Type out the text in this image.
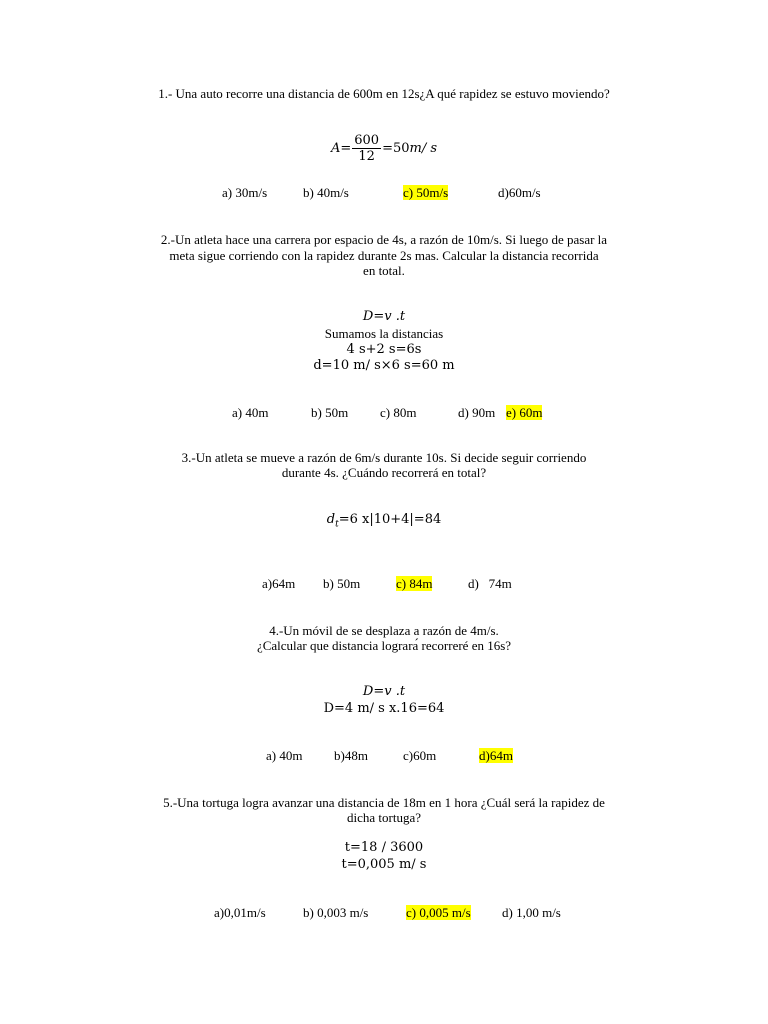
1.- Una auto recorre una distancia de 600m en 12s¿A qué rapidez se estuvo moviendo?
$A= \frac{600}{12} =50m/$ s
a) 30m/s	b) 40m/s	c) 50m/s	d)60m/s
2.-Un atleta hace una carrera por espacio de 4s, a razón de 10m/s. Si luego de pasar la
meta sigue corriendo con la rapidez durante 2s mas. Calcular la distancia recorrida
en total.
D=v .t
Sumamos la distancias
4 s+2 s=6s
d=10 m/ s×6 s=60 m
a) 40m	b) 50m c) 80m	d) 90m e) 60m
3.-Un atleta se mueve a razón de 6m/s durante 10s. Si decide seguir corriendo
durante 4s. ¿Cuándo recorrerá en total?
$d_t=6$ x|10+4|=84
a)64m b) 50m	c) 84m	d)   74m
4.-Un móvil de se desplaza a razón de 4m/s.
¿Calcular que distancia lograrа́ recorreré en 16s?
D=v .t
D=4 m/ s x.16=64
a) 40m b)48m	c)60m	d)64m
5.-Una tortuga logra avanzar una distancia de 18m en 1 hora ¿Cuál será la rapidez de
dicha tortuga?
t=18 / 3600
t=0,005 m/ s
a)0,01m/s	b) 0,003 m/s	c) 0,005 m/s d) 1,00 m/s
